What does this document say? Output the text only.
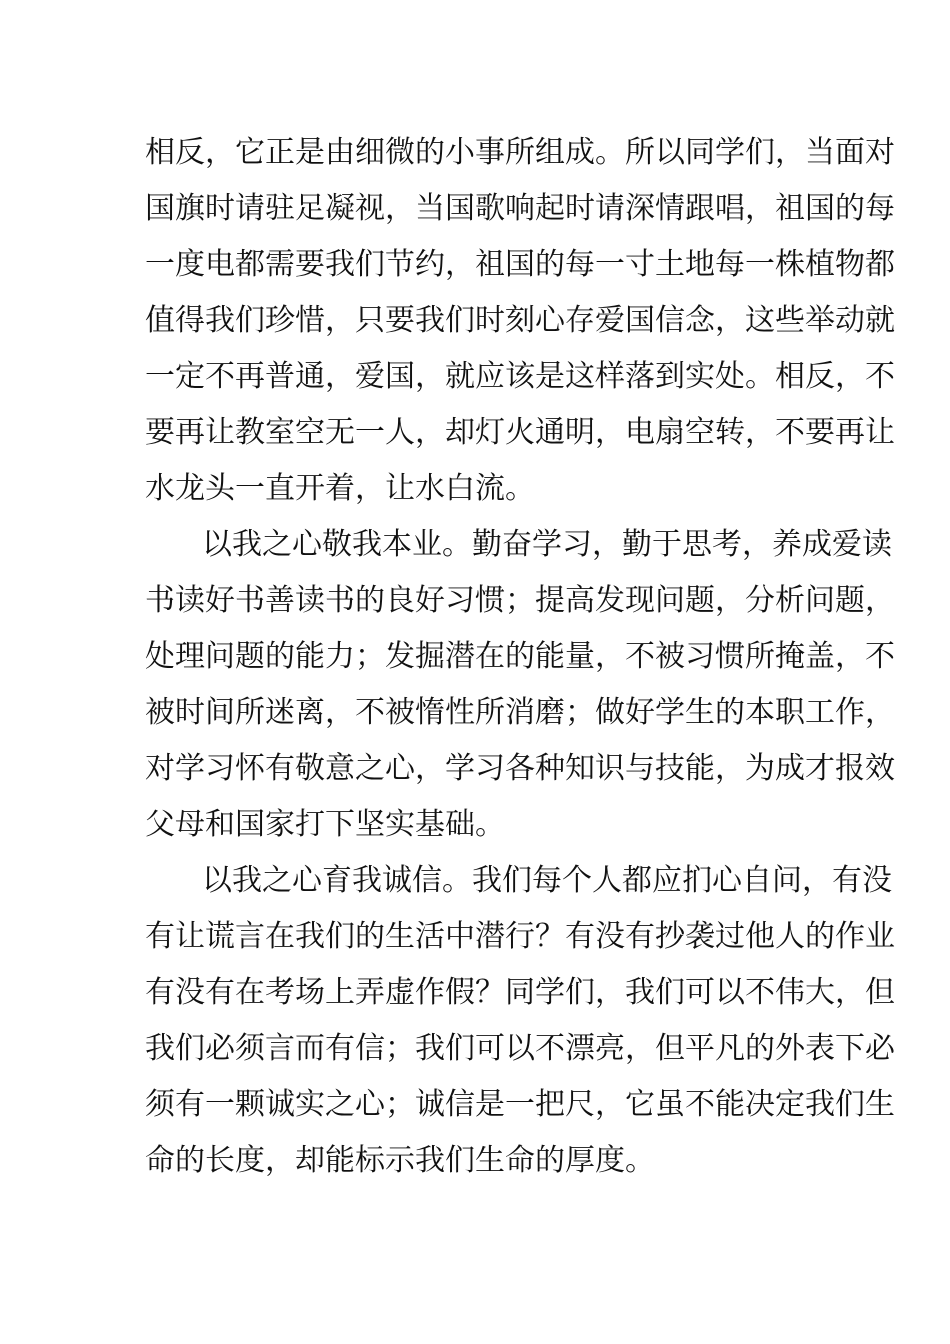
相反，它正是由细微的小事所组成。所以同学们，当面对
国旗时请驻足凝视，当国歌响起时请深情跟唱，祖国的每
一度电都需要我们节约，祖国的每一寸土地每一株植物都
值得我们珍惜，只要我们时刻心存爱国信念，这些举动就
一定不再普通，爱国，就应该是这样落到实处。相反，不
要再让教室空无一人，却灯火通明，电扇空转，不要再让
水龙头一直开着，让水白流。
以我之心敬我本业。勤奋学习，勤于思考，养成爱读
书读好书善读书的良好习惯；提高发现问题，分析问题，
处理问题的能力；发掘潜在的能量，不被习惯所掩盖，不
被时间所迷离，不被惰性所消磨；做好学生的本职工作，
对学习怀有敬意之心，学习各种知识与技能，为成才报效
父母和国家打下坚实基础。
以我之心育我诚信。我们每个人都应扪心自问，有没
有让谎言在我们的生活中潜行？有没有抄袭过他人的作业
有没有在考场上弄虚作假？同学们，我们可以不伟大，但
我们必须言而有信；我们可以不漂亮，但平凡的外表下必
须有一颗诚实之心；诚信是一把尺，它虽不能决定我们生
命的长度，却能标示我们生命的厚度。
